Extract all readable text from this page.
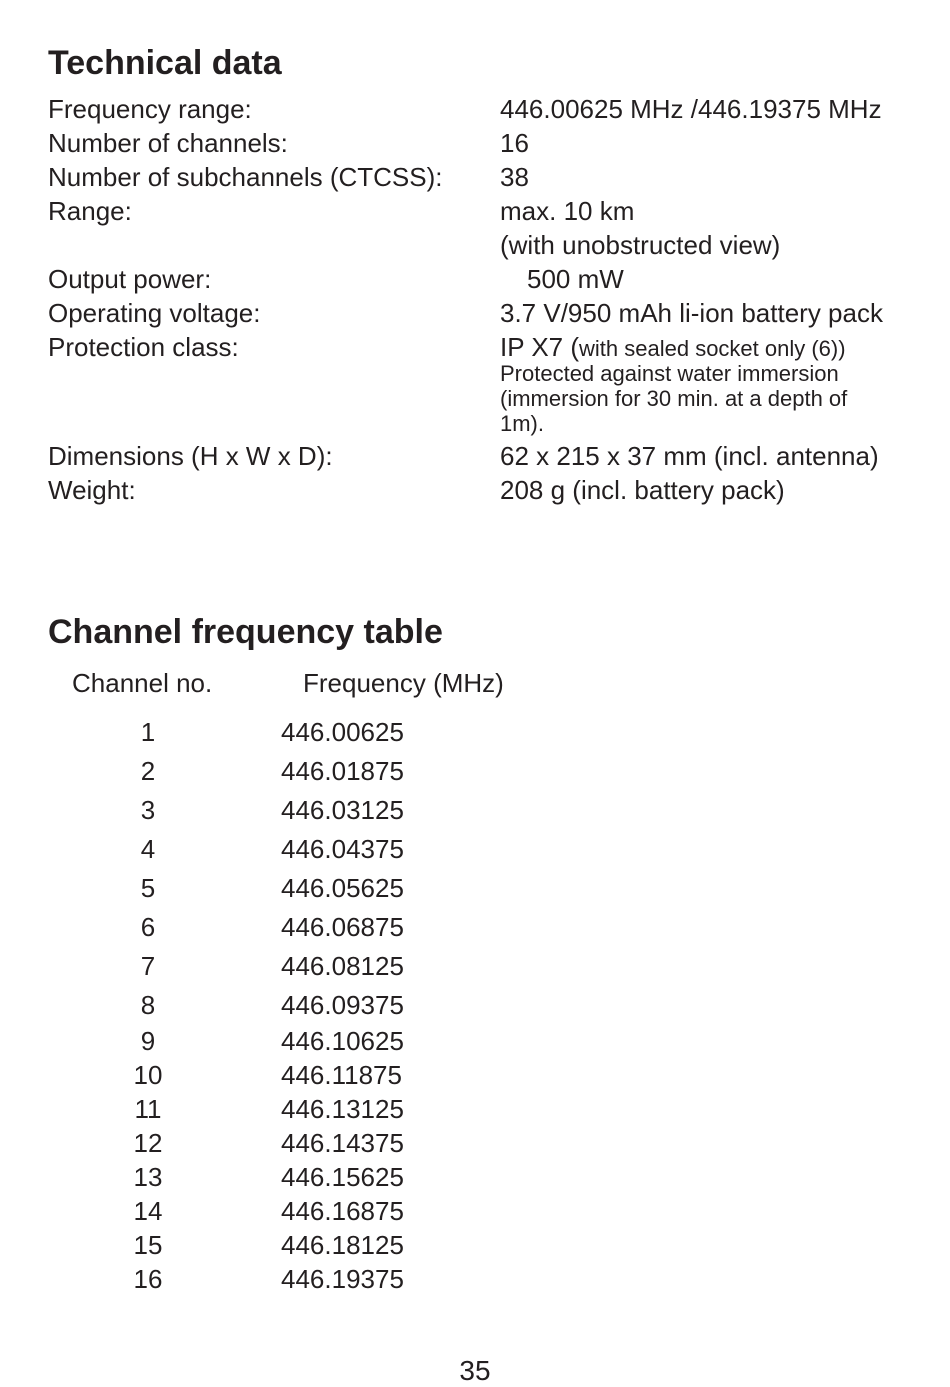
Technical data
Frequency range:	446.00625 MHz /446.19375 MHz
Number of channels:	16
Number of subchannels (CTCSS): 38
Range:	max. 10 km
(with unobstructed view)
Output power:	500 mW
Operating voltage:	3.7 V/950 mAh li-ion battery pack
Protection class:	IP X7 (with sealed socket only (6))
Protected against water immersion
(immersion for 30 min. at a depth of
1m).
Dimensions (H x W x D):	62 x 215 x 37 mm (incl. antenna)
Weight:	208 g (incl. battery pack)
Channel frequency table
Channel no.	Frequency (MHz)
1	446.00625
2	446.01875
3	446.03125
4	446.04375
5	446.05625
6	446.06875
7	446.08125
8	446.09375
9	446.10625
10	446.11875
11	446.13125
12	446.14375
13	446.15625
14	446.16875
15	446.18125
16	446.19375
35
